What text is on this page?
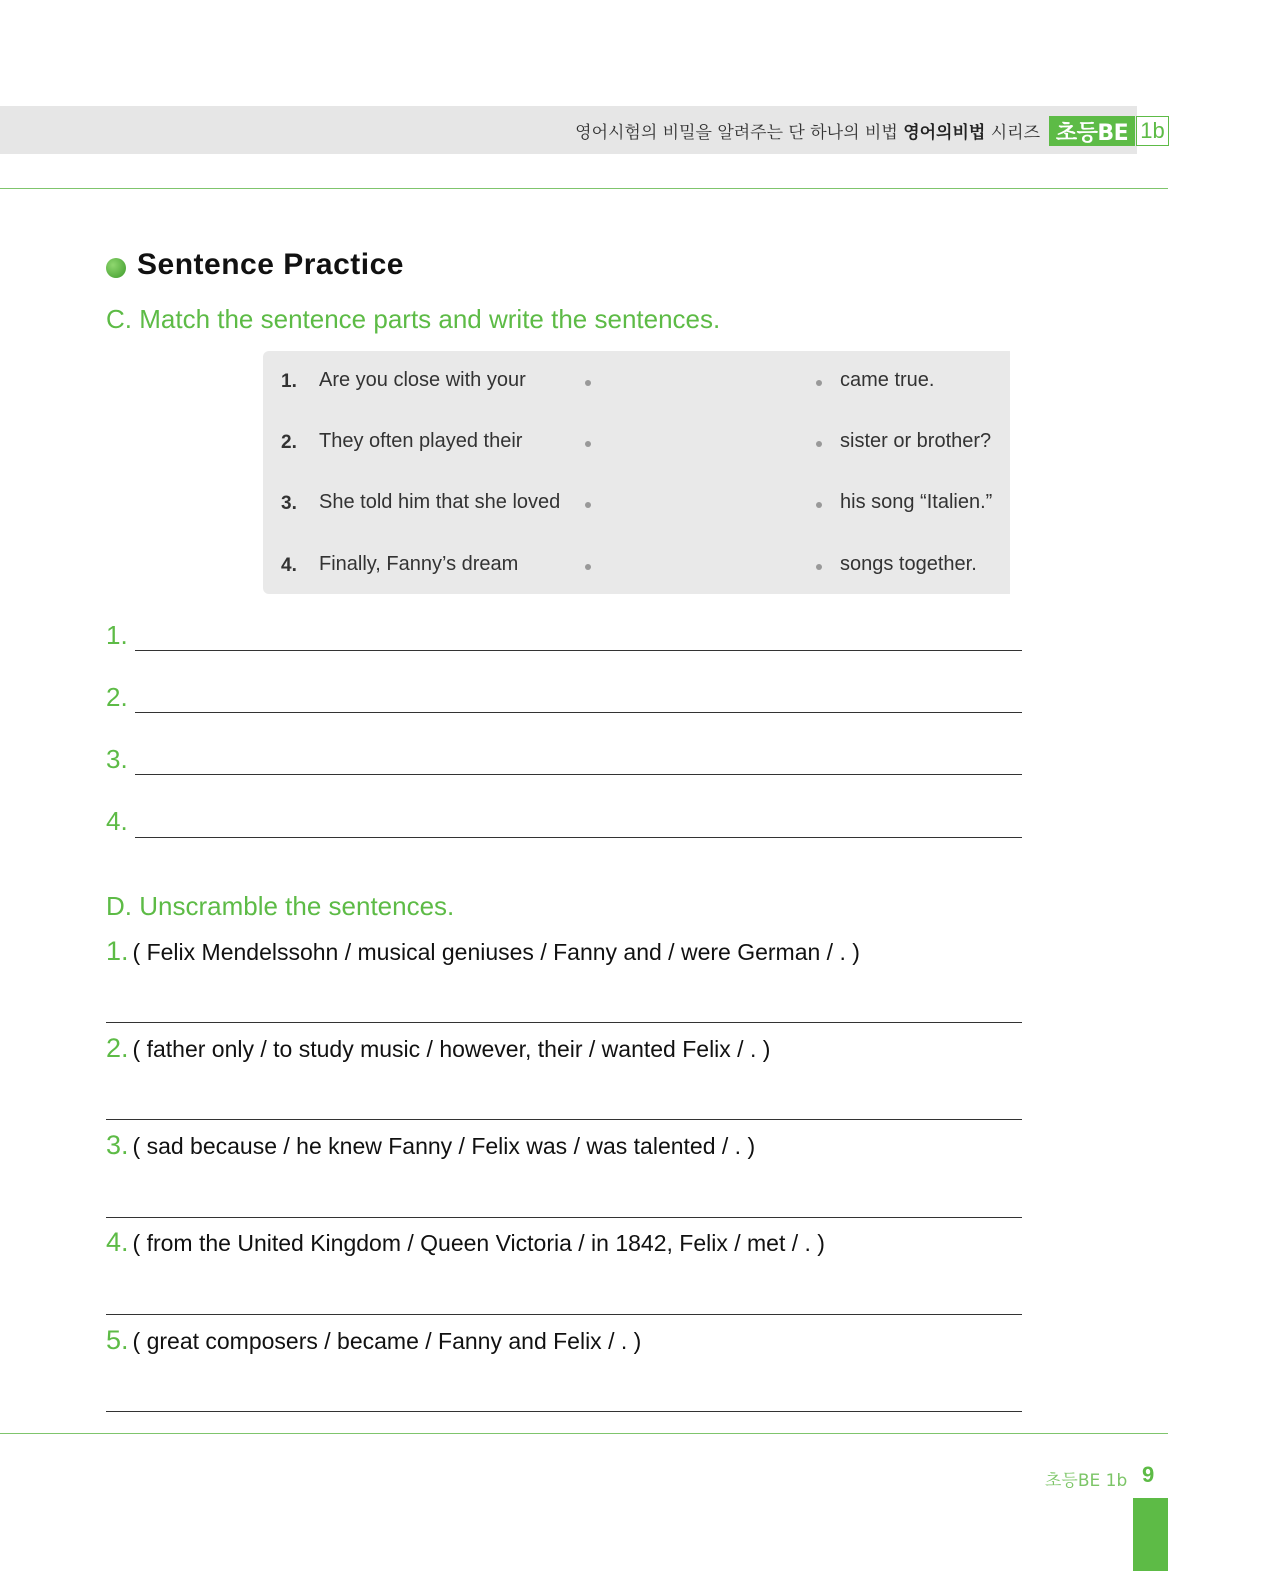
영어시험의 비밀을 알려주는 단 하나의 비법 영어의비법 시리즈 초등BE 1b
Sentence Practice
C. Match the sentence parts and write the sentences.
1. Are you close with your	came true.
2. They often played their	sister or brother?
3. She told him that she loved	his song “Italien.”
4. Finally, Fanny’s dream	songs together.
1.
2.
3.
4.
D. Unscramble the sentences.
1. ( Felix Mendelssohn / musical geniuses / Fanny and / were German / . )
2. ( father only / to study music / however, their / wanted Felix / . )
3. ( sad because / he knew Fanny / Felix was / was talented / . )
4. ( from the United Kingdom / Queen Victoria / in 1842, Felix / met / . )
5. ( great composers / became / Fanny and Felix / . )
초등BE 1b 9
